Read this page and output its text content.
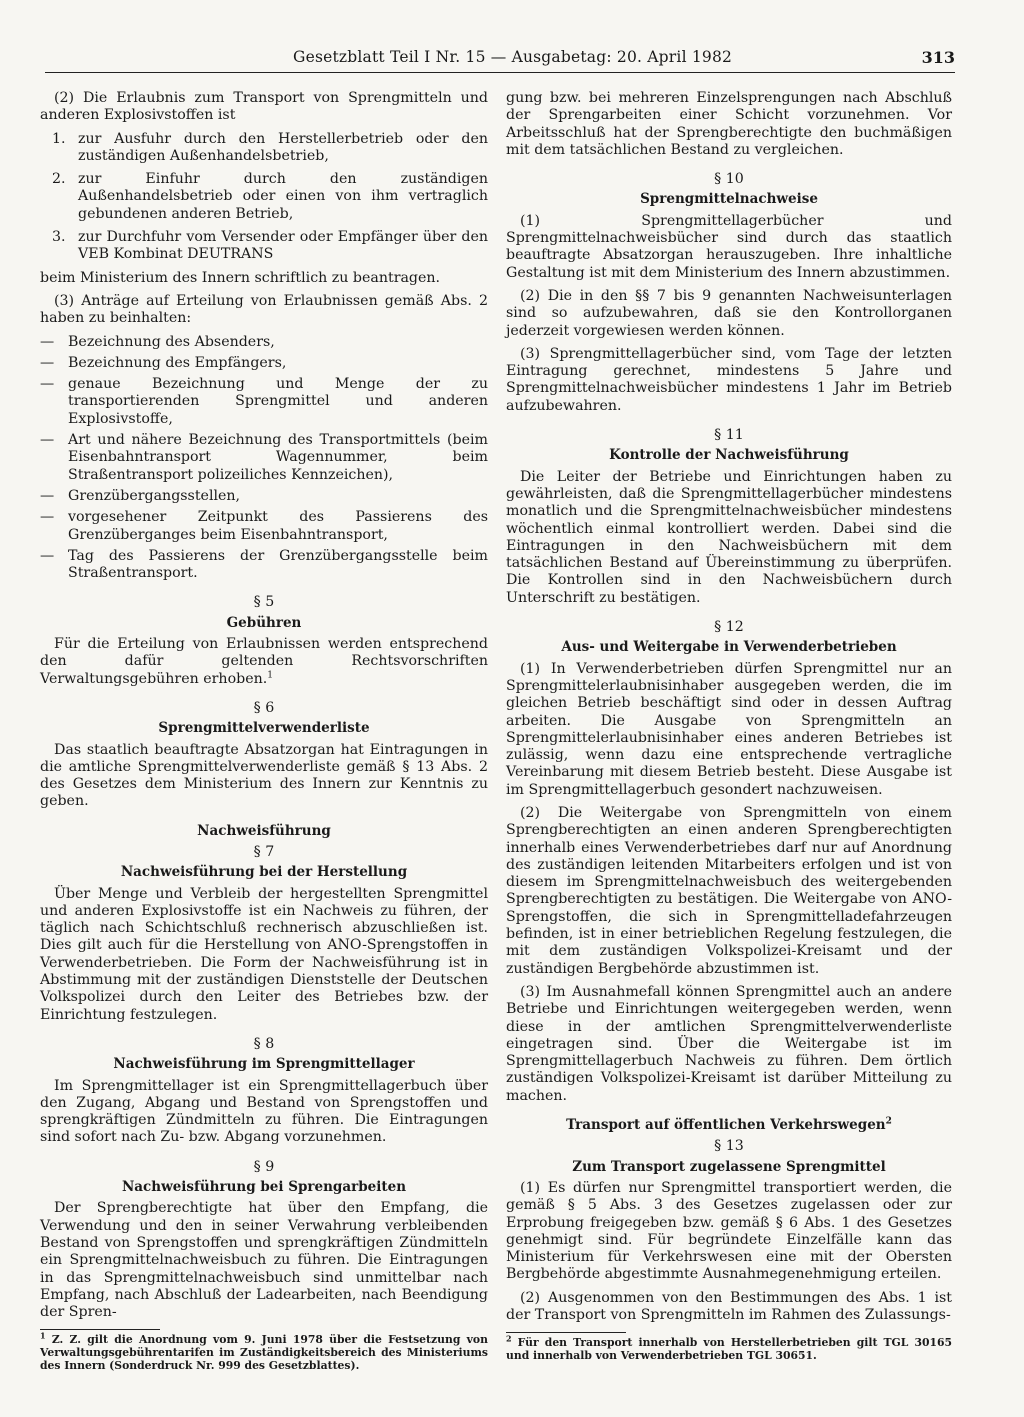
Gesetzblatt Teil I Nr. 15 — Ausgabetag: 20. April 1982	313

(2) Die Erlaubnis zum Transport von Sprengmitteln und anderen Explosivstoffen ist

1. zur Ausfuhr durch den Herstellerbetrieb oder den zuständigen Außenhandelsbetrieb,
2. zur Einfuhr durch den zuständigen Außenhandelsbetrieb oder einen von ihm vertraglich gebundenen anderen Betrieb,
3. zur Durchfuhr vom Versender oder Empfänger über den VEB Kombinat DEUTRANS

beim Ministerium des Innern schriftlich zu beantragen.

(3) Anträge auf Erteilung von Erlaubnissen gemäß Abs. 2 haben zu beinhalten:

— Bezeichnung des Absenders,
— Bezeichnung des Empfängers,
— genaue Bezeichnung und Menge der zu transportierenden Sprengmittel und anderen Explosivstoffe,
— Art und nähere Bezeichnung des Transportmittels (beim Eisenbahntransport Wagennummer, beim Straßentransport polizeiliches Kennzeichen),
— Grenzübergangsstellen,
— vorgesehener Zeitpunkt des Passierens des Grenzüberganges beim Eisenbahntransport,
— Tag des Passierens der Grenzübergangsstelle beim Straßentransport.
§ 5
Gebühren

Für die Erteilung von Erlaubnissen werden entsprechend den dafür geltenden Rechtsvorschriften Verwaltungsgebühren erhoben.$^1$

§ 6
Sprengmittelverwenderliste

Das staatlich beauftragte Absatzorgan hat Eintragungen in die amtliche Sprengmittelverwenderliste gemäß § 13 Abs. 2 des Gesetzes dem Ministerium des Innern zur Kenntnis zu geben.

Nachweisführung
§ 7
Nachweisführung bei der Herstellung

Über Menge und Verbleib der hergestellten Sprengmittel und anderen Explosivstoffe ist ein Nachweis zu führen, der täglich nach Schichtschluß rechnerisch abzuschließen ist. Dies gilt auch für die Herstellung von ANO-Sprengstoffen in Verwenderbetrieben. Die Form der Nachweisführung ist in Abstimmung mit der zuständigen Dienststelle der Deutschen Volkspolizei durch den Leiter des Betriebes bzw. der Einrichtung festzulegen.

§ 8
Nachweisführung im Sprengmittellager

Im Sprengmittellager ist ein Sprengmittellagerbuch über den Zugang, Abgang und Bestand von Sprengstoffen und sprengkräftigen Zündmitteln zu führen. Die Eintragungen sind sofort nach Zu- bzw. Abgang vorzunehmen.

§ 9
Nachweisführung bei Sprengarbeiten

Der Sprengberechtigte hat über den Empfang, die Verwendung und den in seiner Verwahrung verbleibenden Bestand von Sprengstoffen und sprengkräftigen Zündmitteln ein Sprengmittelnachweisbuch zu führen. Die Eintragungen in das Sprengmittelnachweisbuch sind unmittelbar nach Empfang, nach Abschluß der Ladearbeiten, nach Beendigung der Spren-

$^1$ Z. Z. gilt die Anordnung vom 9. Juni 1978 über die Festsetzung von Verwaltungsgebührentarifen im Zuständigkeitsbereich des Ministeriums des Innern (Sonderdruck Nr. 999 des Gesetzblattes).

gung bzw. bei mehreren Einzelsprengungen nach Abschluß der Sprengarbeiten einer Schicht vorzunehmen. Vor Arbeitsschluß hat der Sprengberechtigte den buchmäßigen mit dem tatsächlichen Bestand zu vergleichen.

§ 10
Sprengmittelnachweise

(1) Sprengmittellagerbücher und Sprengmittelnachweisbücher sind durch das staatlich beauftragte Absatzorgan herauszugeben. Ihre inhaltliche Gestaltung ist mit dem Ministerium des Innern abzustimmen.

(2) Die in den §§ 7 bis 9 genannten Nachweisunterlagen sind so aufzubewahren, daß sie den Kontrollorganen jederzeit vorgewiesen werden können.

(3) Sprengmittellagerbücher sind, vom Tage der letzten Eintragung gerechnet, mindestens 5 Jahre und Sprengmittelnachweisbücher mindestens 1 Jahr im Betrieb aufzubewahren.

§ 11
Kontrolle der Nachweisführung

Die Leiter der Betriebe und Einrichtungen haben zu gewährleisten, daß die Sprengmittellagerbücher mindestens monatlich und die Sprengmittelnachweisbücher mindestens wöchentlich einmal kontrolliert werden. Dabei sind die Eintragungen in den Nachweisbüchern mit dem tatsächlichen Bestand auf Übereinstimmung zu überprüfen. Die Kontrollen sind in den Nachweisbüchern durch Unterschrift zu bestätigen.

§ 12
Aus- und Weitergabe in Verwenderbetrieben

(1) In Verwenderbetrieben dürfen Sprengmittel nur an Sprengmittelerlaubnisinhaber ausgegeben werden, die im gleichen Betrieb beschäftigt sind oder in dessen Auftrag arbeiten. Die Ausgabe von Sprengmitteln an Sprengmittelerlaubnisinhaber eines anderen Betriebes ist zulässig, wenn dazu eine entsprechende vertragliche Vereinbarung mit diesem Betrieb besteht. Diese Ausgabe ist im Sprengmittellagerbuch gesondert nachzuweisen.

(2) Die Weitergabe von Sprengmitteln von einem Sprengberechtigten an einen anderen Sprengberechtigten innerhalb eines Verwenderbetriebes darf nur auf Anordnung des zuständigen leitenden Mitarbeiters erfolgen und ist von diesem im Sprengmittelnachweisbuch des weitergebenden Sprengberechtigten zu bestätigen. Die Weitergabe von ANO-Sprengstoffen, die sich in Sprengmittelladefahrzeugen befinden, ist in einer betrieblichen Regelung festzulegen, die mit dem zuständigen Volkspolizei-Kreisamt und der zuständigen Bergbehörde abzustimmen ist.

(3) Im Ausnahmefall können Sprengmittel auch an andere Betriebe und Einrichtungen weitergegeben werden, wenn diese in der amtlichen Sprengmittelverwenderliste eingetragen sind. Über die Weitergabe ist im Sprengmittellagerbuch Nachweis zu führen. Dem örtlich zuständigen Volkspolizei-Kreisamt ist darüber Mitteilung zu machen.

Transport auf öffentlichen Verkehrswegen$^2$
§ 13
Zum Transport zugelassene Sprengmittel

(1) Es dürfen nur Sprengmittel transportiert werden, die gemäß § 5 Abs. 3 des Gesetzes zugelassen oder zur Erprobung freigegeben bzw. gemäß § 6 Abs. 1 des Gesetzes genehmigt sind. Für begründete Einzelfälle kann das Ministerium für Verkehrswesen eine mit der Obersten Bergbehörde abgestimmte Ausnahmegenehmigung erteilen.

(2) Ausgenommen von den Bestimmungen des Abs. 1 ist der Transport von Sprengmitteln im Rahmen des Zulassungs-

$^2$ Für den Transport innerhalb von Herstellerbetrieben gilt TGL 30165 und innerhalb von Verwenderbetrieben TGL 30651.
